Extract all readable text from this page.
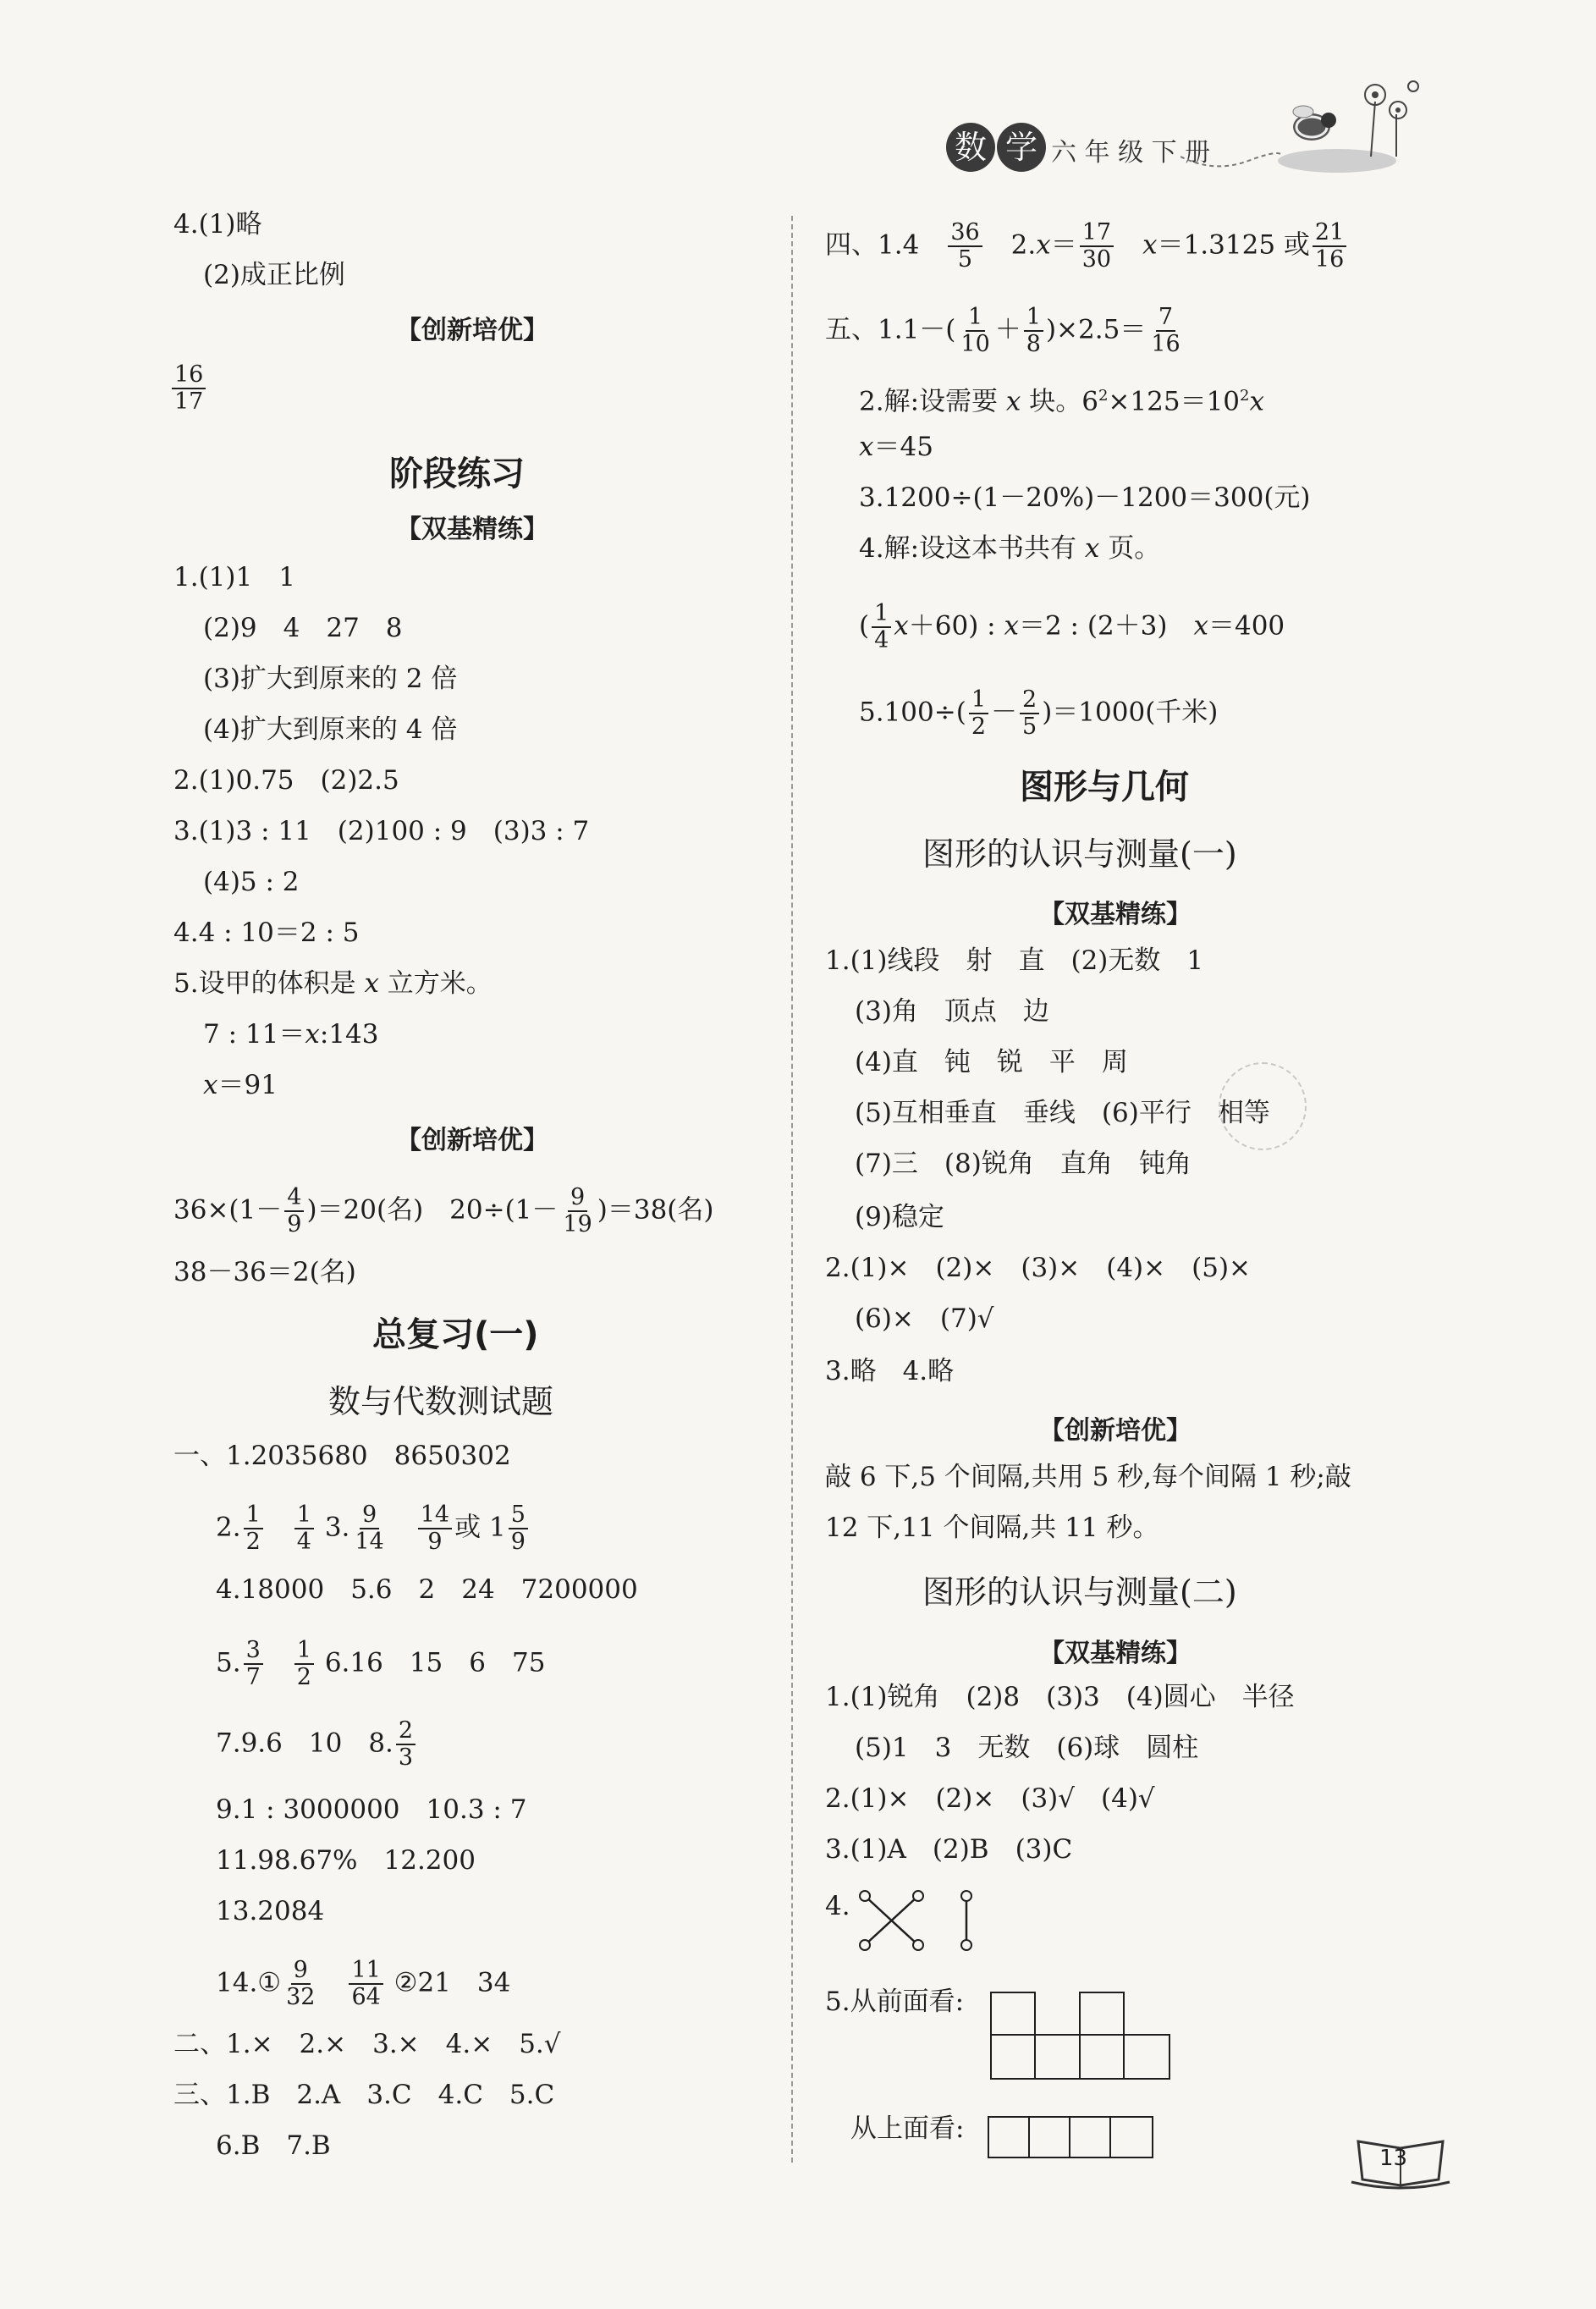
数 学 六 年 级 下 册
4.(1)略
(2)成正比例
【创新培优】
$\frac{16}{17}$
阶段练习
【双基精练】
1.(1)1　1
(2)9　4　27　8
(3)扩大到原来的 2 倍
(4)扩大到原来的 4 倍
2.(1)0.75　(2)2.5
3.(1)3 : 11　(2)100 : 9　(3)3 : 7
(4)5 : 2
4.4 : 10＝2 : 5
5.设甲的体积是 x 立方米。
7 : 11＝x:143
x＝91
【创新培优】
$36\times(1- \frac{4}{9} )=20$(名)　$20\div(1- \frac{9}{19} )=38$(名)
38－36＝2(名)
总复习(一)
数与代数测试题
一、1.2035680　8650302
2. $\frac{1}{2}$
　 $\frac{1}{4} 3$. $\frac{9}{14}$
　 $\frac{14}{9}$ 或 $1 \frac{5}{9}$
4.18000　5.6　2　24　7200000
5. $\frac{3}{7}$
　 $\frac{1}{2} 6.16$　15　6　75
7.9.6　10　8. $\frac{2}{3}$
9.1 : 3000000　10.3 : 7
11.98.67%　12.200
13.2084
14.① $\frac{9}{32}$
　 $\frac{11}{64}$ ②21　34
二、1.×　2.×　3.×　4.×　5.√
三、1.B　2.A　3.C　4.C　5.C
6.B　7.B
四、1.4　 $\frac{36}{5}$
　 $2.x= \frac{17}{30}$
　 x＝1.3125 或 $\frac{21}{16}$
五、$1.1-( \frac{1}{10} + \frac{1}{8} )\times 2.5= \frac{7}{16}$
2.解:设需要 x 块。$6^2\times 125=10^2x$
x＝45
3.1200÷(1－20%)－1200＝300(元)
4.解:设这本书共有 x 页。
( $\frac{1}{4} x+60$) : x＝2 : (2＋3)　x＝400
$5.100\div( \frac{1}{2} - \frac{2}{5} )=1000$(千米)
图形与几何
图形的认识与测量(一)
【双基精练】
1.(1)线段　射　直　(2)无数　1
(3)角　顶点　边
(4)直　钝　锐　平　周
(5)互相垂直　垂线　(6)平行　相等
(7)三　(8)锐角　直角　钝角
(9)稳定
2.(1)×　(2)×　(3)×　(4)×　(5)×
(6)×　(7)√
3.略　4.略
【创新培优】
敲 6 下,5 个间隔,共用 5 秒,每个间隔 1 秒;敲
12 下,11 个间隔,共 11 秒。
图形的认识与测量(二)
【双基精练】
1.(1)锐角　(2)8　(3)3　(4)圆心　半径
(5)1　3　无数　(6)球　圆柱
2.(1)×　(2)×　(3)√　(4)√
3.(1)A　(2)B　(3)C
4.
5.从前面看:
从上面看:
13
